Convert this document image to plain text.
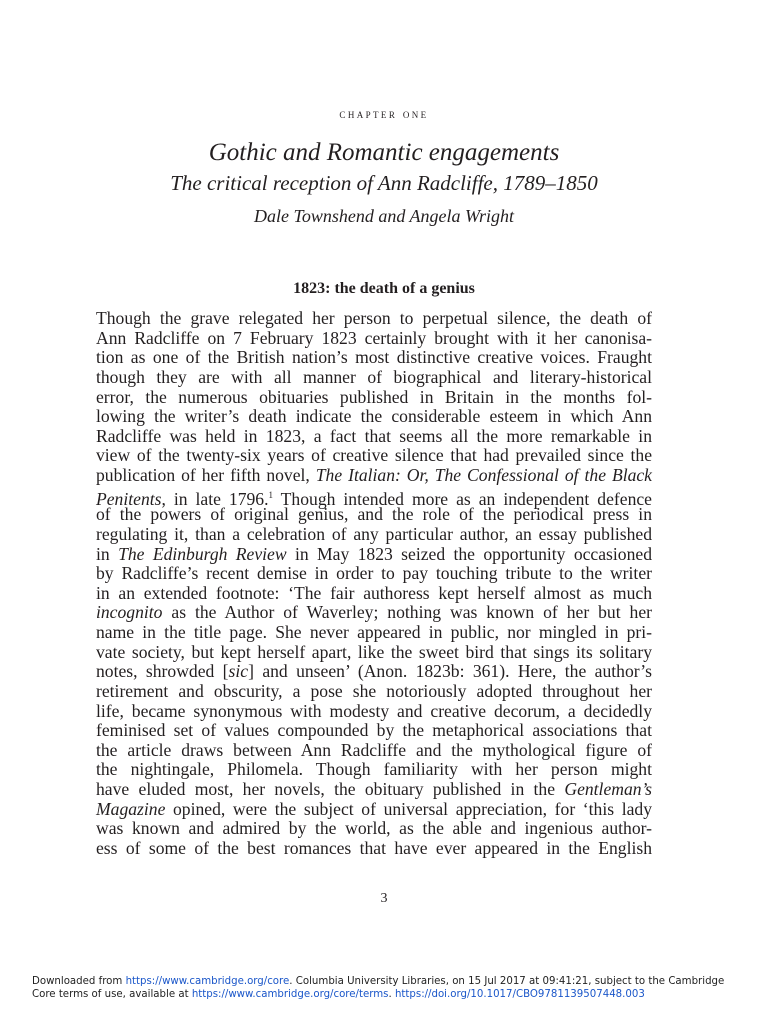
chapter one
Gothic and Romantic engagements
The critical reception of Ann Radcliffe, 1789–1850
Dale Townshend and Angela Wright
1823: the death of a genius
Though the grave relegated her person to perpetual silence, the death of
Ann Radcliffe on 7 February 1823 certainly brought with it her canonisa-
tion as one of the British nation’s most distinctive creative voices. Fraught
though they are with all manner of biographical and literary-historical
error, the numerous obituaries published in Britain in the months fol-
lowing the writer’s death indicate the considerable esteem in which Ann
Radcliffe was held in 1823, a fact that seems all the more remarkable in
view of the twenty-six years of creative silence that had prevailed since the
publication of her fifth novel, The Italian: Or, The Confessional of the Black
Penitents, in late 1796.$^1$ Though intended more as an independent defence
of the powers of original genius, and the role of the periodical press in
regulating it, than a celebration of any particular author, an essay published
in The Edinburgh Review in May 1823 seized the opportunity occasioned
by Radcliffe’s recent demise in order to pay touching tribute to the writer
in an extended footnote: ‘The fair authoress kept herself almost as much
incognito as the Author of Waverley; nothing was known of her but her
name in the title page. She never appeared in public, nor mingled in pri-
vate society, but kept herself apart, like the sweet bird that sings its solitary
notes, shrowded [sic] and unseen’ (Anon. 1823b: 361). Here, the author’s
retirement and obscurity, a pose she notoriously adopted throughout her
life, became synonymous with modesty and creative decorum, a decidedly
feminised set of values compounded by the metaphorical associations that
the article draws between Ann Radcliffe and the mythological figure of
the nightingale, Philomela. Though familiarity with her person might
have eluded most, her novels, the obituary published in the Gentleman’s
Magazine opined, were the subject of universal appreciation, for ‘this lady
was known and admired by the world, as the able and ingenious author-
ess of some of the best romances that have ever appeared in the English
3
Downloaded from https://www.cambridge.org/core. Columbia University Libraries, on 15 Jul 2017 at 09:41:21, subject to the Cambridge
Core terms of use, available at https://www.cambridge.org/core/terms. https://doi.org/10.1017/CBO9781139507448.003
